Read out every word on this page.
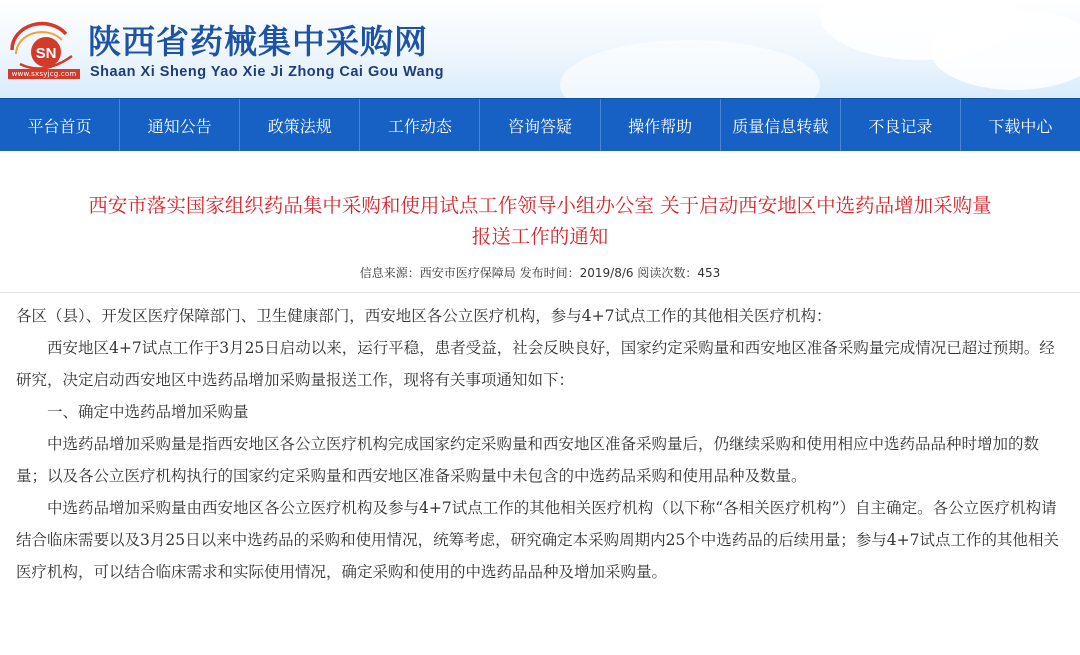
SN
www.sxsyjcg.com
陕西省药械集中采购网
Shaan Xi Sheng Yao Xie Ji Zhong Cai Gou Wang
平台首页	通知公告	政策法规	工作动态	咨询答疑	操作帮助	质量信息转载	不良记录	下载中心
西安市落实国家组织药品集中采购和使用试点工作领导小组办公室 关于启动西安地区中选药品增加采购量
报送工作的通知
信息来源：西安市医疗保障局 发布时间：2019/8/6 阅读次数：453

各区（县）、开发区医疗保障部门、卫生健康部门，西安地区各公立医疗机构，参与4+7试点工作的其他相关医疗机构：

西安地区4+7试点工作于3月25日启动以来，运行平稳，患者受益，社会反映良好，国家约定采购量和西安地区准备采购量完成情况已超过预期。经研究，决定启动西安地区中选药品增加采购量报送工作，现将有关事项通知如下：

一、确定中选药品增加采购量

中选药品增加采购量是指西安地区各公立医疗机构完成国家约定采购量和西安地区准备采购量后，仍继续采购和使用相应中选药品品种时增加的数量；以及各公立医疗机构执行的国家约定采购量和西安地区准备采购量中未包含的中选药品采购和使用品种及数量。

中选药品增加采购量由西安地区各公立医疗机构及参与4+7试点工作的其他相关医疗机构（以下称“各相关医疗机构”）自主确定。各公立医疗机构请结合临床需要以及3月25日以来中选药品的采购和使用情况，统筹考虑，研究确定本采购周期内25个中选药品的后续用量；参与4+7试点工作的其他相关医疗机构，可以结合临床需求和实际使用情况，确定采购和使用的中选药品品种及增加采购量。
